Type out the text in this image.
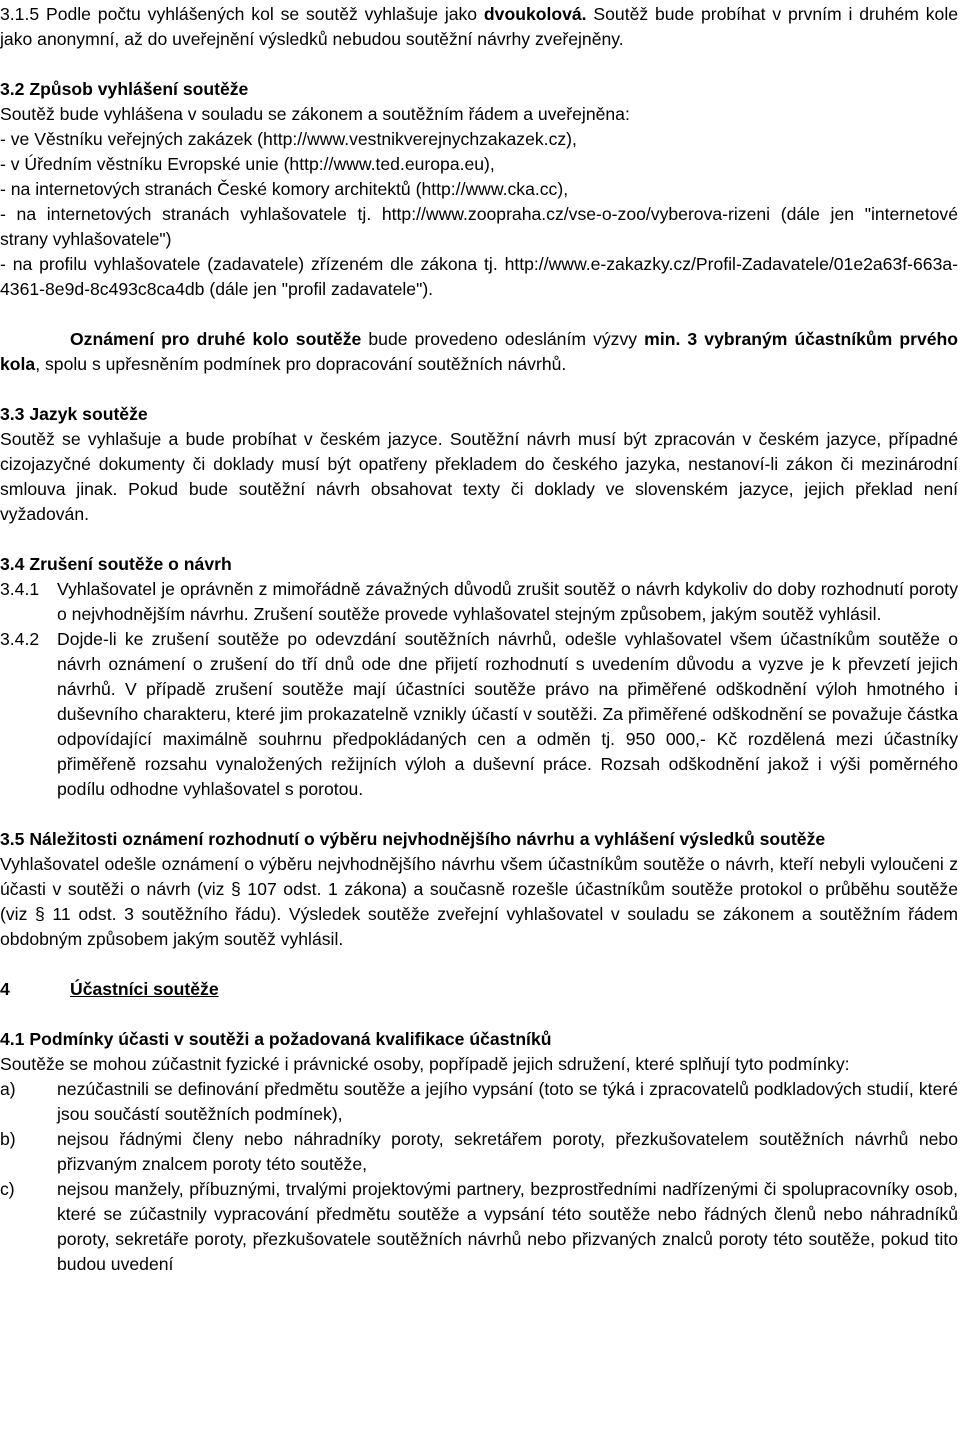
3.1.5 Podle počtu vyhlášených kol se soutěž vyhlašuje jako dvoukolová. Soutěž bude probíhat v prvním i druhém kole jako anonymní, až do uveřejnění výsledků nebudou soutěžní návrhy zveřejněny.

3.2 Způsob vyhlášení soutěže

Soutěž bude vyhlášena v souladu se zákonem a soutěžním řádem a uveřejněna:

- ve Věstníku veřejných zakázek (http://www.vestnikverejnychzakazek.cz),

- v Úředním věstníku Evropské unie (http://www.ted.europa.eu),

- na internetových stranách České komory architektů (http://www.cka.cc),

- na internetových stranách vyhlašovatele tj. http://www.zoopraha.cz/vse-o-zoo/vyberova-rizeni (dále jen "internetové strany vyhlašovatele")

- na profilu vyhlašovatele (zadavatele) zřízeném dle zákona tj. http://www.e-zakazky.cz/Profil-Zadavatele/01e2a63f-663a-4361-8e9d-8c493c8ca4db (dále jen "profil zadavatele").

Oznámení pro druhé kolo soutěže bude provedeno odesláním výzvy min. 3 vybraným účastníkům prvého kola, spolu s upřesněním podmínek pro dopracování soutěžních návrhů.

3.3 Jazyk soutěže

Soutěž se vyhlašuje a bude probíhat v českém jazyce. Soutěžní návrh musí být zpracován v českém jazyce, případné cizojazyčné dokumenty či doklady musí být opatřeny překladem do českého jazyka, nestanoví-li zákon či mezinárodní smlouva jinak. Pokud bude soutěžní návrh obsahovat texty či doklady ve slovenském jazyce, jejich překlad není vyžadován.

3.4 Zrušení soutěže o návrh

3.4.1 Vyhlašovatel je oprávněn z mimořádně závažných důvodů zrušit soutěž o návrh kdykoliv do doby rozhodnutí poroty o nejvhodnějším návrhu. Zrušení soutěže provede vyhlašovatel stejným způsobem, jakým soutěž vyhlásil.

3.4.2 Dojde-li ke zrušení soutěže po odevzdání soutěžních návrhů, odešle vyhlašovatel všem účastníkům soutěže o návrh oznámení o zrušení do tří dnů ode dne přijetí rozhodnutí s uvedením důvodu a vyzve je k převzetí jejich návrhů. V případě zrušení soutěže mají účastníci soutěže právo na přiměřené odškodnění výloh hmotného i duševního charakteru, které jim prokazatelně vznikly účastí v soutěži. Za přiměřené odškodnění se považuje částka odpovídající maximálně souhrnu předpokládaných cen a odměn tj. 950 000,- Kč rozdělená mezi účastníky přiměřeně rozsahu vynaložených režijních výloh a duševní práce. Rozsah odškodnění jakož i výši poměrného podílu odhodne vyhlašovatel s porotou.

3.5 Náležitosti oznámení rozhodnutí o výběru nejvhodnějšího návrhu a vyhlášení výsledků soutěže

Vyhlašovatel odešle oznámení o výběru nejvhodnějšího návrhu všem účastníkům soutěže o návrh, kteří nebyli vyloučeni z účasti v soutěži o návrh (viz § 107 odst. 1 zákona) a současně rozešle účastníkům soutěže protokol o průběhu soutěže (viz § 11 odst. 3 soutěžního řádu). Výsledek soutěže zveřejní vyhlašovatel v souladu se zákonem a soutěžním řádem obdobným způsobem jakým soutěž vyhlásil.

4	Účastníci soutěže

4.1 Podmínky účasti v soutěži a požadovaná kvalifikace účastníků

Soutěže se mohou zúčastnit fyzické i právnické osoby, popřípadě jejich sdružení, které splňují tyto podmínky:

a) nezúčastnili se definování předmětu soutěže a jejího vypsání (toto se týká i zpracovatelů podkladových studií, které jsou součástí soutěžních podmínek),

b) nejsou řádnými členy nebo náhradníky poroty, sekretářem poroty, přezkušovatelem soutěžních návrhů nebo přizvaným znalcem poroty této soutěže,

c) nejsou manžely, příbuznými, trvalými projektovými partnery, bezprostředními nadřízenými či spolupracovníky osob, které se zúčastnily vypracování předmětu soutěže a vypsání této soutěže nebo řádných členů nebo náhradníků poroty, sekretáře poroty, přezkušovatele soutěžních návrhů nebo přizvaných znalců poroty této soutěže, pokud tito budou uvedení
